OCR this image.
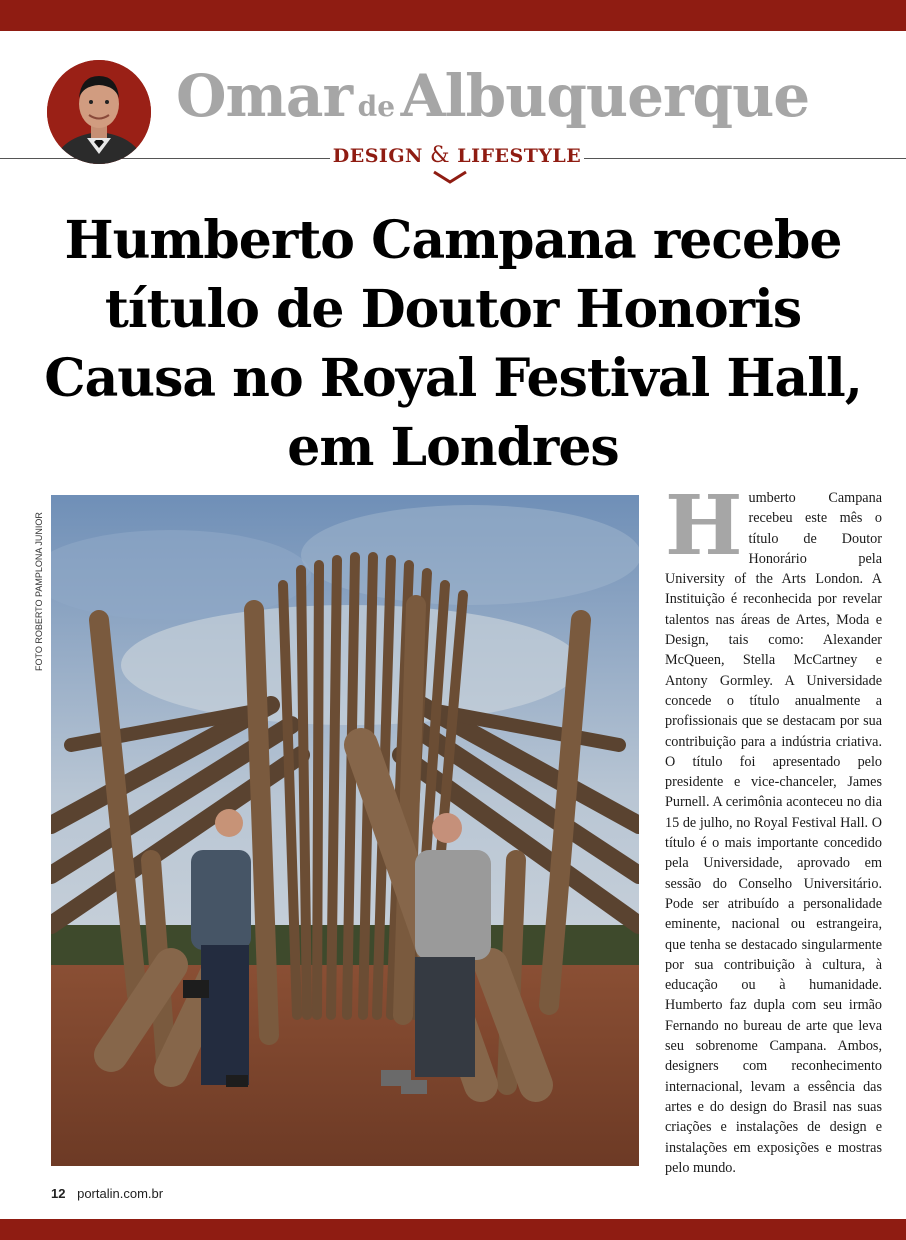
Omar de Albuquerque
DESIGN & LIFESTYLE
Humberto Campana recebe título de Doutor Honoris Causa no Royal Festival Hall, em Londres
FOTO ROBERTO PAMPLONA JUNIOR	H umberto Campana recebeu este mês o título de Doutor Honorário pela University of the Arts London. A Instituição é reconhecida por revelar talentos nas áreas de Artes, Moda e Design, tais como: Alexander McQueen, Stella McCartney e Antony Gormley. A Universidade concede o título anualmente a profissionais que se destacam por sua contribuição para a indústria criativa. O título foi apresentado pelo presidente e vice-chanceler, James Purnell. A cerimônia aconteceu no dia 15 de julho, no Royal Festival Hall. O título é o mais importante concedido pela Universidade, aprovado em sessão do Conselho Universitário. Pode ser atribuído a personalidade eminente, nacional ou estrangeira, que tenha se destacado singularmente por sua contribuição à cultura, à educação ou à humanidade. Humberto faz dupla com seu irmão Fernando no bureau de arte que leva seu sobrenome Campana. Ambos, designers com reconhecimento internacional, levam a essência das artes e do design do Brasil nas suas criações e instalações de design e instalações em exposições e mostras pelo mundo.
12 portalin.com.br
